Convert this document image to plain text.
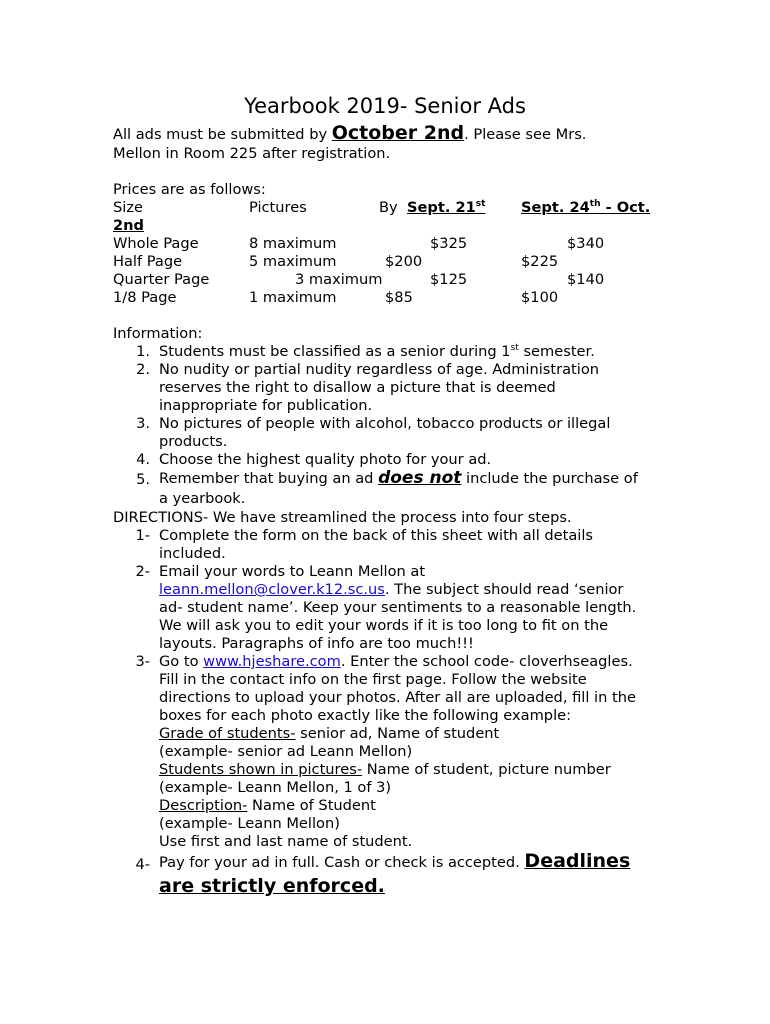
Yearbook 2019- Senior Ads
All ads must be submitted by October 2nd. Please see Mrs.
Mellon in Room 225 after registration.
Prices are as follows:
Size	Pictures	By Sept. 21st Sept. 24th - Oct.
2nd
Whole Page	8 maximum	$325	$340
Half Page	5 maximum	$200	$225
Quarter Page	3 maximum	$125	$140
1/8 Page	1 maximum	$85	$100
Information:
1. Students must be classified as a senior during 1st semester.
2. No nudity or partial nudity regardless of age. Administration
reserves the right to disallow a picture that is deemed
inappropriate for publication.
3. No pictures of people with alcohol, tobacco products or illegal
products.
4. Choose the highest quality photo for your ad.
5. Remember that buying an ad does not include the purchase of
a yearbook.
DIRECTIONS- We have streamlined the process into four steps.
1- Complete the form on the back of this sheet with all details
included.
2- Email your words to Leann Mellon at
leann.mellon@clover.k12.sc.us. The subject should read ‘senior
ad- student name’. Keep your sentiments to a reasonable length.
We will ask you to edit your words if it is too long to fit on the
layouts. Paragraphs of info are too much!!!
3- Go to www.hjeshare.com. Enter the school code- cloverhseagles.
Fill in the contact info on the first page. Follow the website
directions to upload your photos. After all are uploaded, fill in the
boxes for each photo exactly like the following example:
Grade of students- senior ad, Name of student
(example- senior ad Leann Mellon)
Students shown in pictures- Name of student, picture number
(example- Leann Mellon, 1 of 3)
Description- Name of Student
(example- Leann Mellon)
Use first and last name of student.
4- Pay for your ad in full. Cash or check is accepted. Deadlines
are strictly enforced.
